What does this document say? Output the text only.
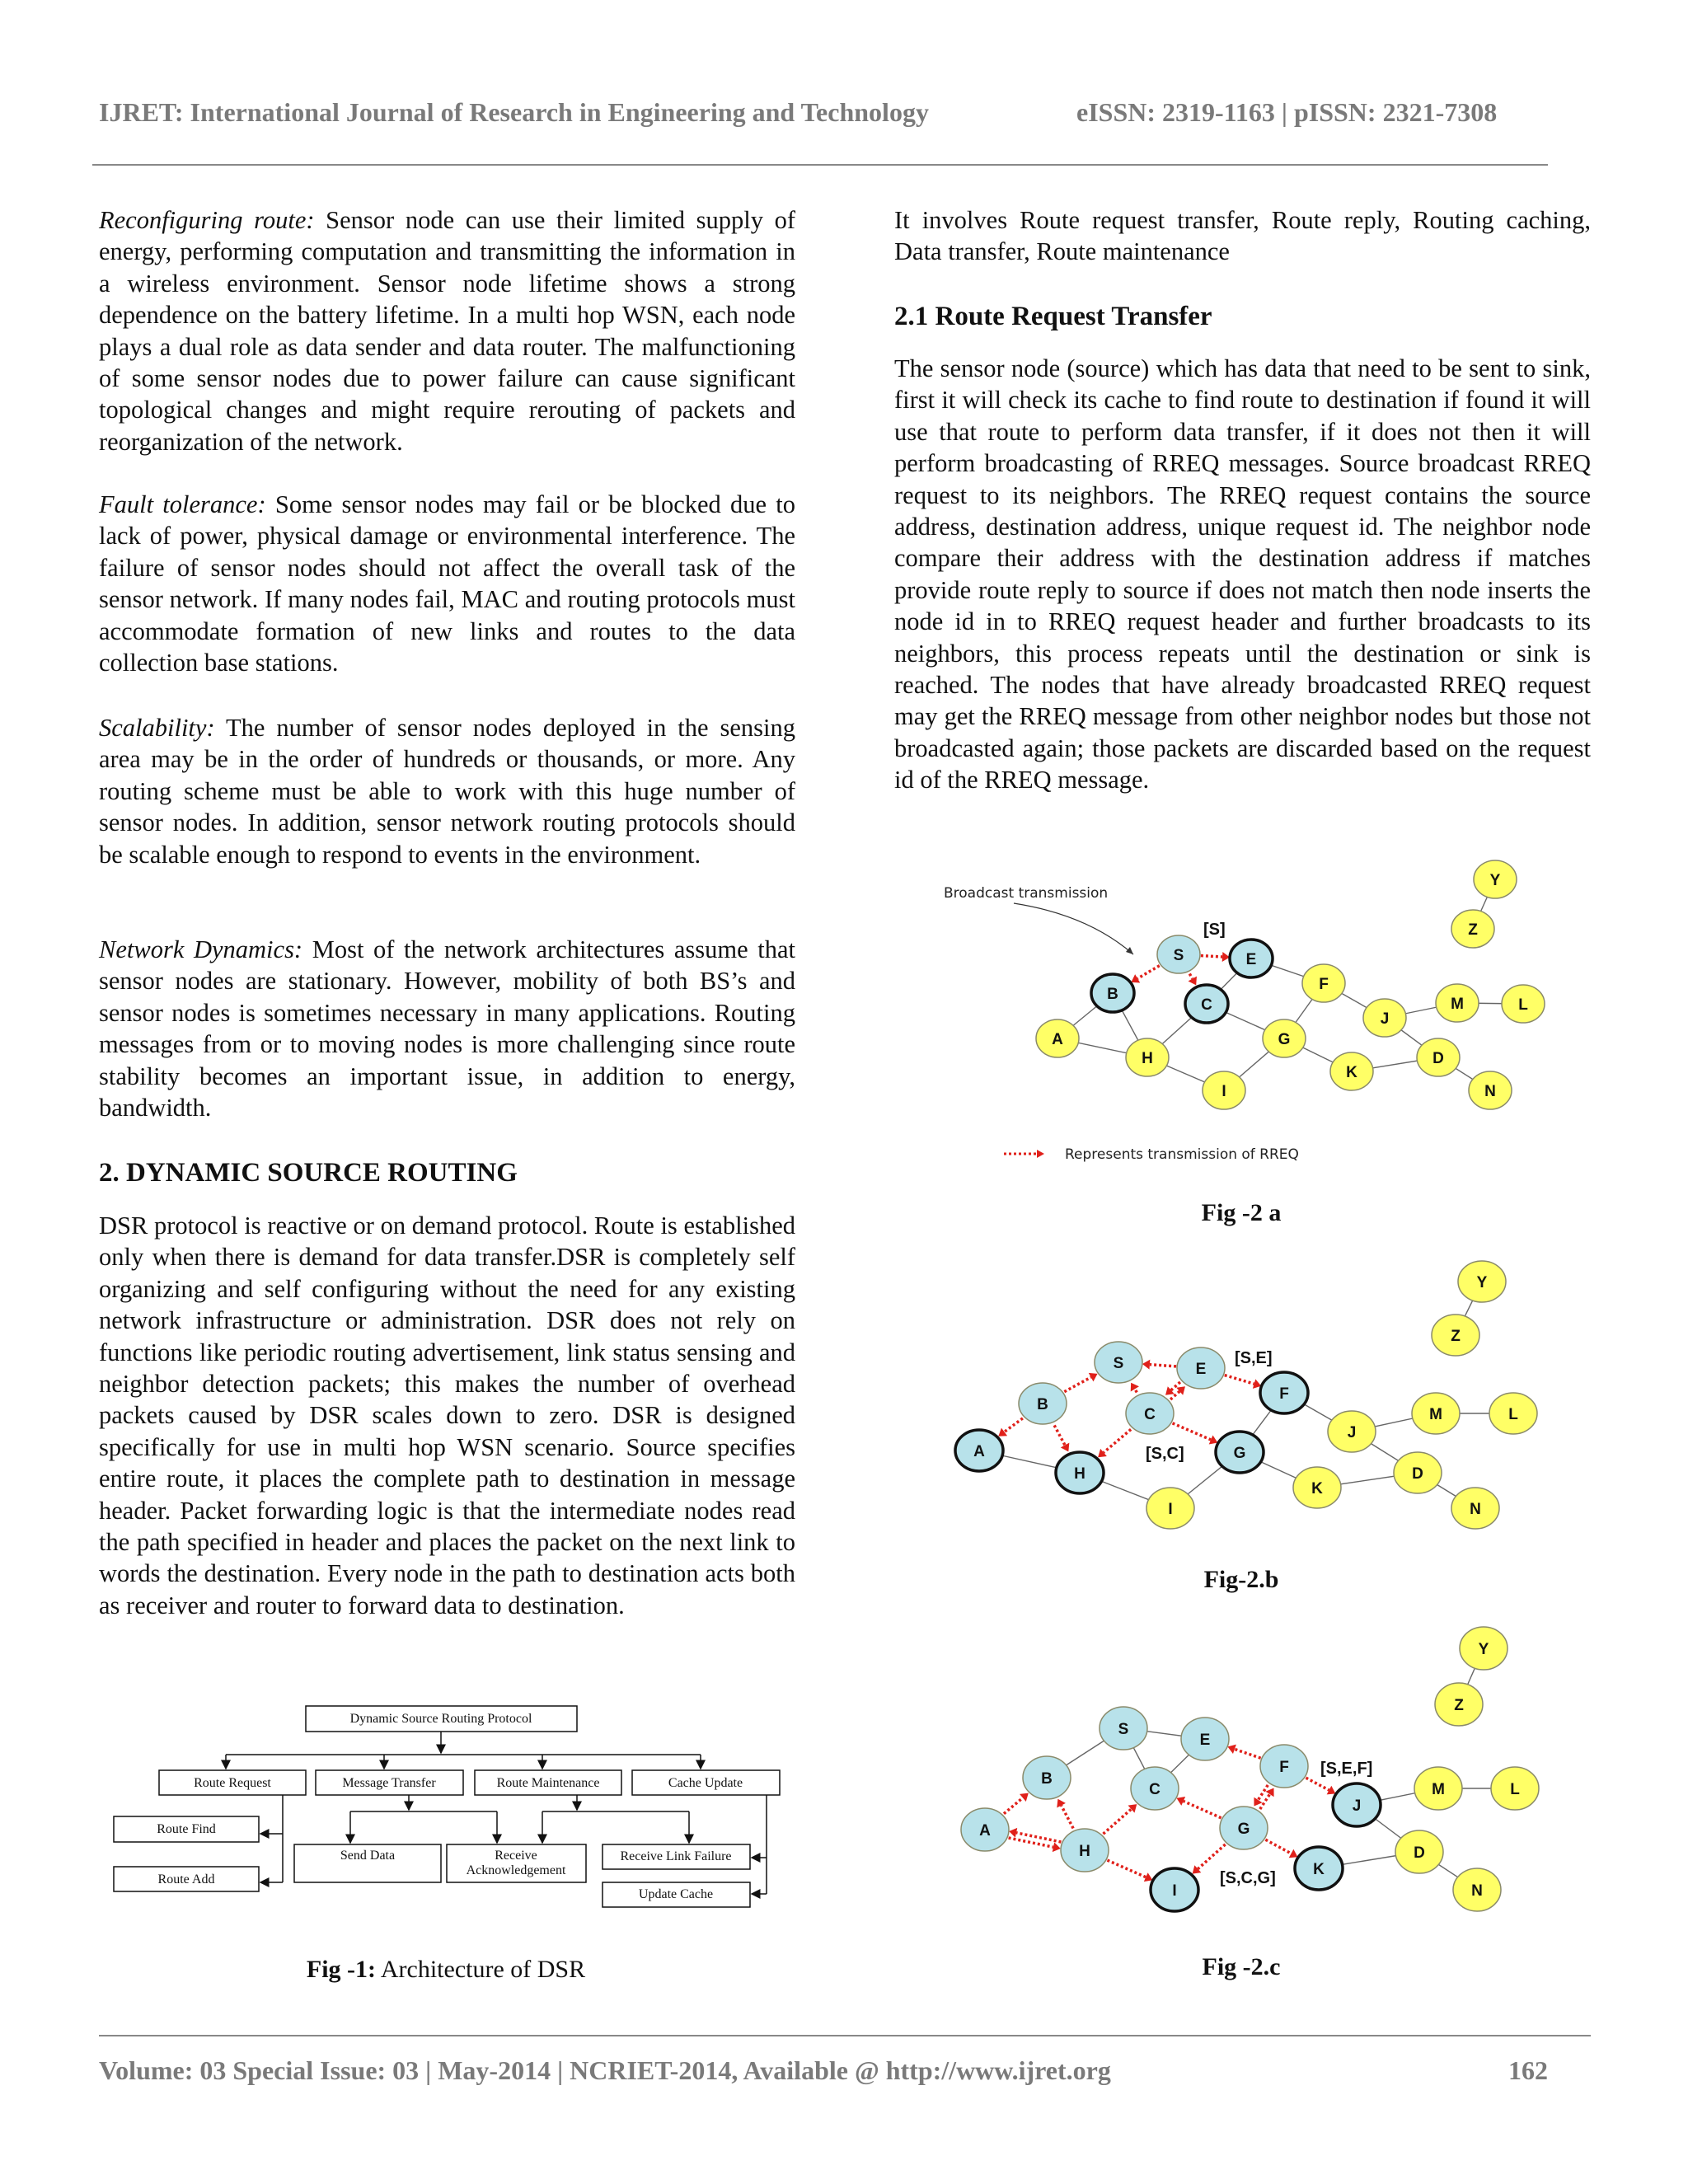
IJRET: International Journal of Research in Engineering and Technology	eISSN: 2319-1163 | pISSN: 2321-7308

Reconfiguring route: Sensor node can use their limited supply of energy, performing computation and transmitting the information in a wireless environment. Sensor node lifetime shows a strong dependence on the battery lifetime. In a multi hop WSN, each node plays a dual role as data sender and data router. The malfunctioning of some sensor nodes due to power failure can cause significant topological changes and might require rerouting of packets and reorganization of the network.

Fault tolerance: Some sensor nodes may fail or be blocked due to lack of power, physical damage or environmental interference. The failure of sensor nodes should not affect the overall task of the sensor network. If many nodes fail, MAC and routing protocols must accommodate formation of new links and routes to the data collection base stations.

Scalability: The number of sensor nodes deployed in the sensing area may be in the order of hundreds or thousands, or more. Any routing scheme must be able to work with this huge number of sensor nodes. In addition, sensor network routing protocols should be scalable enough to respond to events in the environment.

Network Dynamics: Most of the network architectures assume that sensor nodes are stationary. However, mobility of both BS’s and sensor nodes is sometimes necessary in many applications. Routing messages from or to moving nodes is more challenging since route stability becomes an important issue, in addition to energy, bandwidth.

2. DYNAMIC SOURCE ROUTING

DSR protocol is reactive or on demand protocol. Route is established only when there is demand for data transfer.DSR is completely self organizing and self configuring without the need for any existing network infrastructure or administration. DSR does not rely on functions like periodic routing advertisement, link status sensing and neighbor detection packets; this makes the number of overhead packets caused by DSR scales down to zero. DSR is designed specifically for use in multi hop WSN scenario. Source specifies entire route, it places the complete path to destination in message header. Packet forwarding logic is that the intermediate nodes read the path specified in header and places the packet on the next link to words the destination. Every node in the path to destination acts both as receiver and router to forward data to destination.

Dynamic Source Routing Protocol
Route Request	Message Transfer	Route Maintenance	Cache Update
Route Find
Route Add
Send Data	Receive
Acknowledgement
Receive Link Failure
Update Cache
Fig -1: Architecture of DSR

It involves Route request transfer, Route reply, Routing caching, Data transfer, Route maintenance

2.1 Route Request Transfer

The sensor node (source) which has data that need to be sent to sink, first it will check its cache to find route to destination if found it will use that route to perform data transfer, if it does not then it will perform broadcasting of RREQ messages. Source broadcast RREQ request to its neighbors. The RREQ request contains the source address, destination address, unique request id. The neighbor node compare their address with the destination address if matches provide route reply to source if does not match then node inserts the node id in to RREQ request header and further broadcasts to its neighbors, this process repeats until the destination or sink is reached. The nodes that have already broadcasted RREQ request may get the RREQ message from other neighbor nodes but those not broadcasted again; those packets are discarded based on the request id of the RREQ message.

S	E
B
C
A
H
G
I
F
J
M	L
K
D
N
Y
Z
Broadcast transmission
Represents transmission of RREQ
[S]
Fig -2 a
S	E
B
C
A
H
G
I
F
J
M	L
K
D
N
Y
Z
[S,E]
[S,C]
Fig-2.b
S
E
B
C
A
H
G
I
F
J
M	L
K
D
N
Y
Z
[S,E,F]
[S,C,G]
Fig -2.c
Volume: 03 Special Issue: 03 | May-2014 | NCRIET-2014, Available @ http://www.ijret.org	162
